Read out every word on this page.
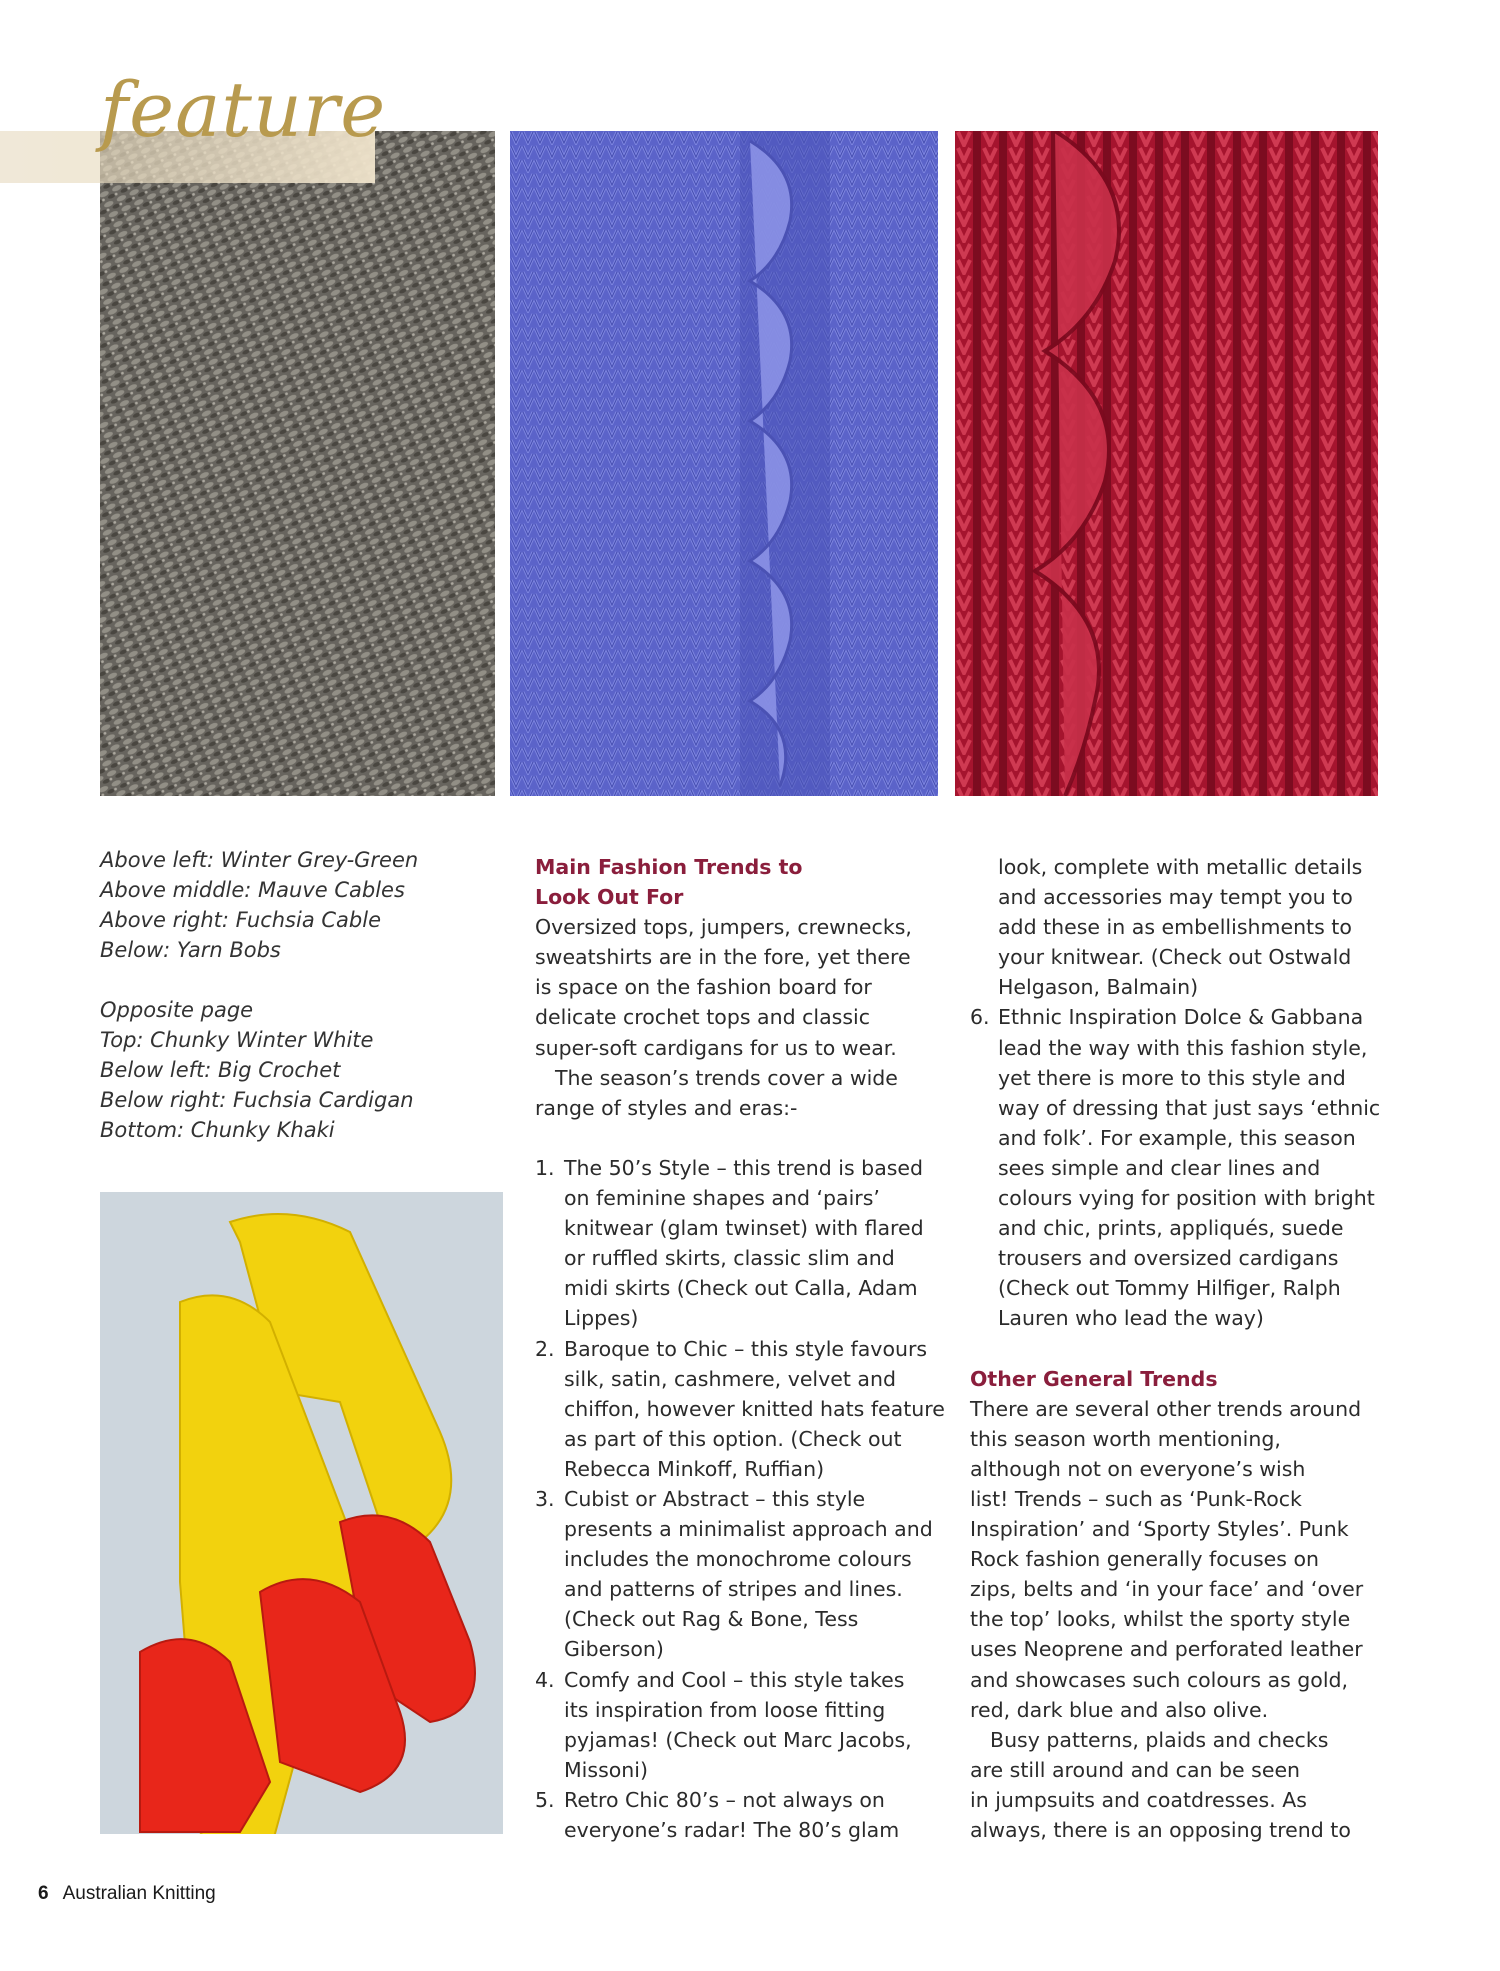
feature
Above left: Winter Grey-Green
Above middle: Mauve Cables
Above right: Fuchsia Cable
Below: Yarn Bobs
Opposite page
Top: Chunky Winter White
Below left: Big Crochet
Below right: Fuchsia Cardigan
Bottom: Chunky Khaki
Main Fashion Trends to
Look Out For
Oversized tops, jumpers, crewnecks,
sweatshirts are in the fore, yet there
is space on the fashion board for
delicate crochet tops and classic
super-soft cardigans for us to wear.
The season’s trends cover a wide
range of styles and eras:-
1. The 50’s Style – this trend is based
on feminine shapes and ‘pairs’
knitwear (glam twinset) with flared
or ruffled skirts, classic slim and
midi skirts (Check out Calla, Adam
Lippes)
2. Baroque to Chic – this style favours
silk, satin, cashmere, velvet and
chiffon, however knitted hats feature
as part of this option. (Check out
Rebecca Minkoff, Ruffian)
3. Cubist or Abstract – this style
presents a minimalist approach and
includes the monochrome colours
and patterns of stripes and lines.
(Check out Rag & Bone, Tess
Giberson)
4. Comfy and Cool – this style takes
its inspiration from loose fitting
pyjamas! (Check out Marc Jacobs,
Missoni)
5. Retro Chic 80’s – not always on
everyone’s radar! The 80’s glam
look, complete with metallic details
and accessories may tempt you to
add these in as embellishments to
your knitwear. (Check out Ostwald
Helgason, Balmain)
6. Ethnic Inspiration Dolce & Gabbana
lead the way with this fashion style,
yet there is more to this style and
way of dressing that just says ‘ethnic
and folk’. For example, this season
sees simple and clear lines and
colours vying for position with bright
and chic, prints, appliqués, suede
trousers and oversized cardigans
(Check out Tommy Hilfiger, Ralph
Lauren who lead the way)
Other General Trends
There are several other trends around
this season worth mentioning,
although not on everyone’s wish
list! Trends – such as ‘Punk-Rock
Inspiration’ and ‘Sporty Styles’. Punk
Rock fashion generally focuses on
zips, belts and ‘in your face’ and ‘over
the top’ looks, whilst the sporty style
uses Neoprene and perforated leather
and showcases such colours as gold,
red, dark blue and also olive.
Busy patterns, plaids and checks
are still around and can be seen
in jumpsuits and coatdresses. As
always, there is an opposing trend to
6 Australian Knitting
